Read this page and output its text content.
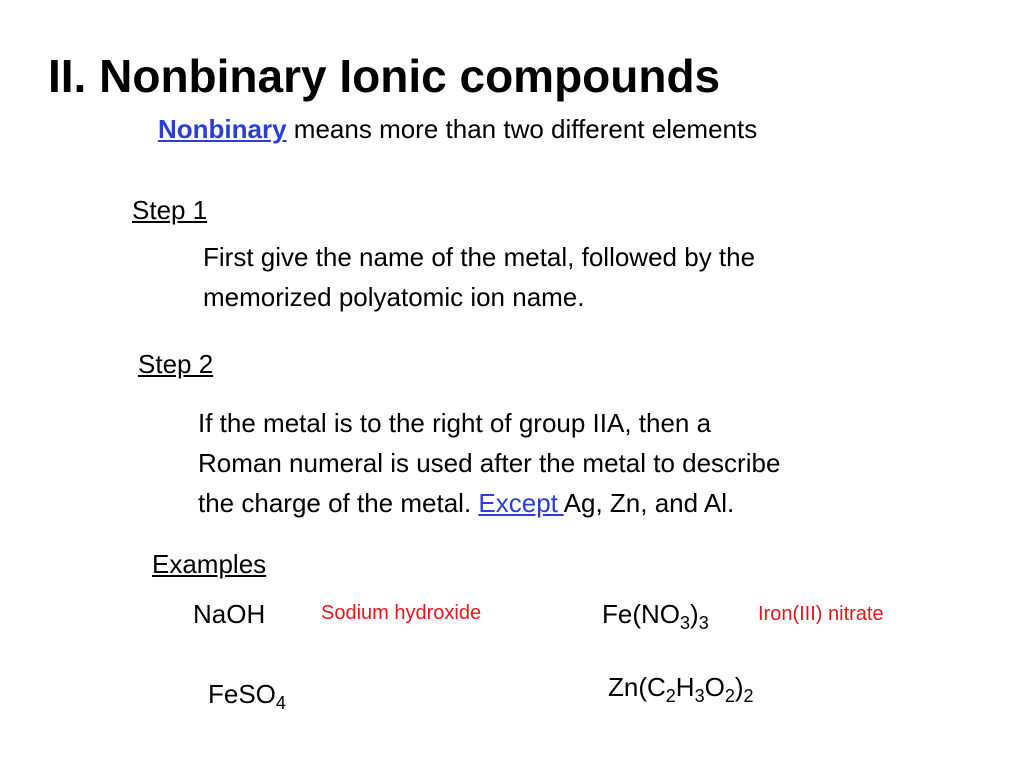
II. Nonbinary Ionic compounds
Nonbinary means more than two different elements
Step 1
First give the name of the metal, followed by the
memorized polyatomic ion name.
Step 2
If the metal is to the right of group IIA, then a
Roman numeral is used after the metal to describe
the charge of the metal. Except Ag, Zn, and Al.
Examples
NaOH	Sodium hydroxide	$Fe(NO_3)_3$ Iron(III) nitrate
FeSO$_4$
$Zn(C_2H_3O_2)_2$
